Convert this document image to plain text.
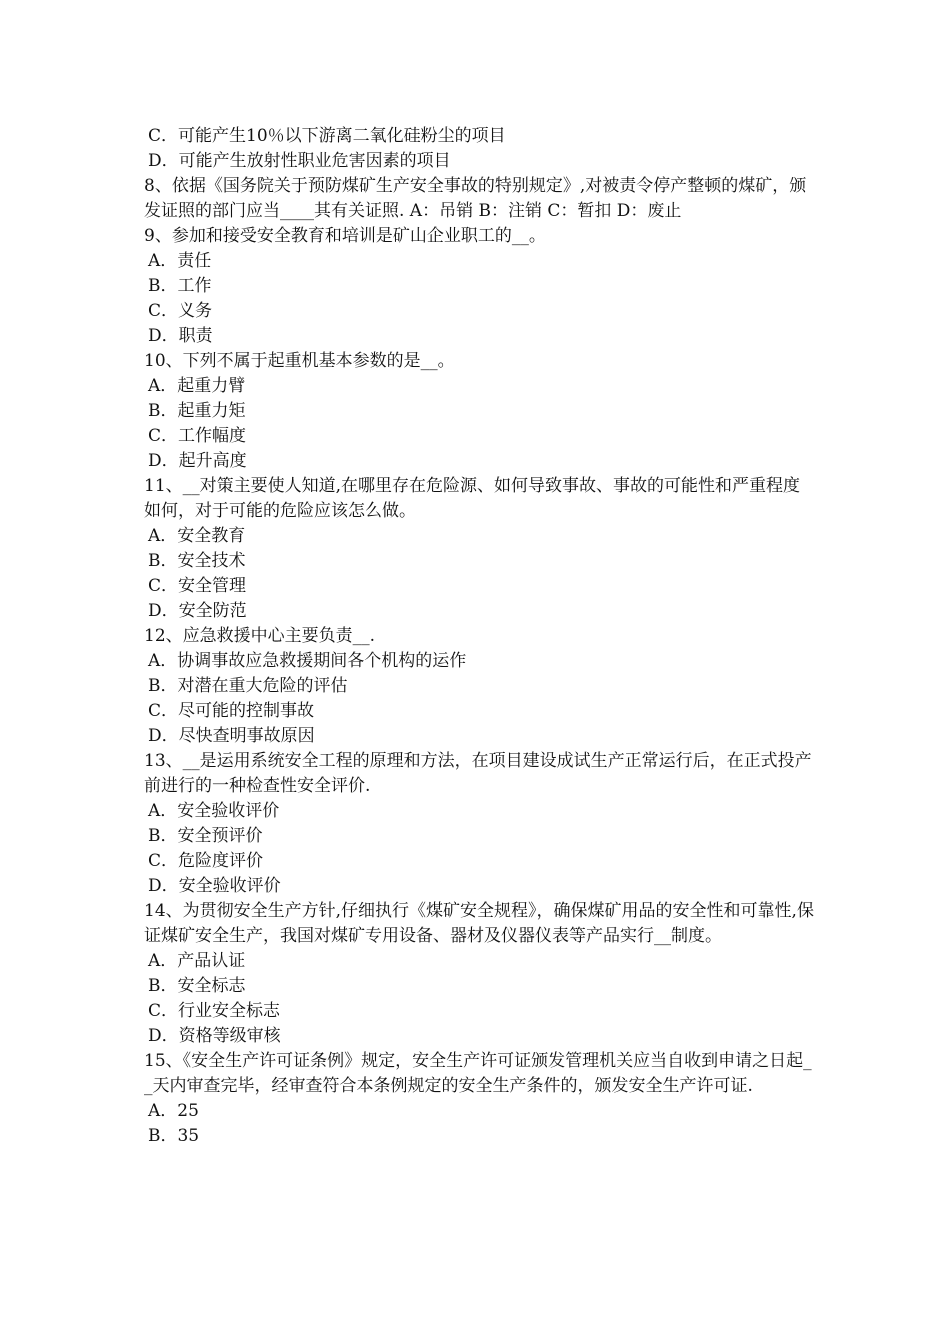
C．可能产生10％以下游离二氧化硅粉尘的项目

D．可能产生放射性职业危害因素的项目

8、依据《国务院关于预防煤矿生产安全事故的特别规定》,对被责令停产整顿的煤矿，颁发证照的部门应当____其有关证照. A：吊销 B：注销 C：暂扣 D：废止

9、参加和接受安全教育和培训是矿山企业职工的__。

A．责任

B．工作

C．义务

D．职责

10、下列不属于起重机基本参数的是__。

A．起重力臂

B．起重力矩

C．工作幅度

D．起升高度

11、__对策主要使人知道,在哪里存在危险源、如何导致事故、事故的可能性和严重程度如何，对于可能的危险应该怎么做。

A．安全教育

B．安全技术

C．安全管理

D．安全防范

12、应急救援中心主要负责__.

A．协调事故应急救援期间各个机构的运作

B．对潜在重大危险的评估

C．尽可能的控制事故

D．尽快查明事故原因

13、__是运用系统安全工程的原理和方法，在项目建设成试生产正常运行后，在正式投产前进行的一种检查性安全评价.

A．安全验收评价

B．安全预评价

C．危险度评价

D．安全验收评价

14、为贯彻安全生产方针,仔细执行《煤矿安全规程》，确保煤矿用品的安全性和可靠性,保证煤矿安全生产，我国对煤矿专用设备、器材及仪器仪表等产品实行__制度。

A．产品认证

B．安全标志

C．行业安全标志

D．资格等级审核

15、《安全生产许可证条例》规定，安全生产许可证颁发管理机关应当自收到申请之日起__天内审查完毕，经审查符合本条例规定的安全生产条件的，颁发安全生产许可证.

A．25

B．35
